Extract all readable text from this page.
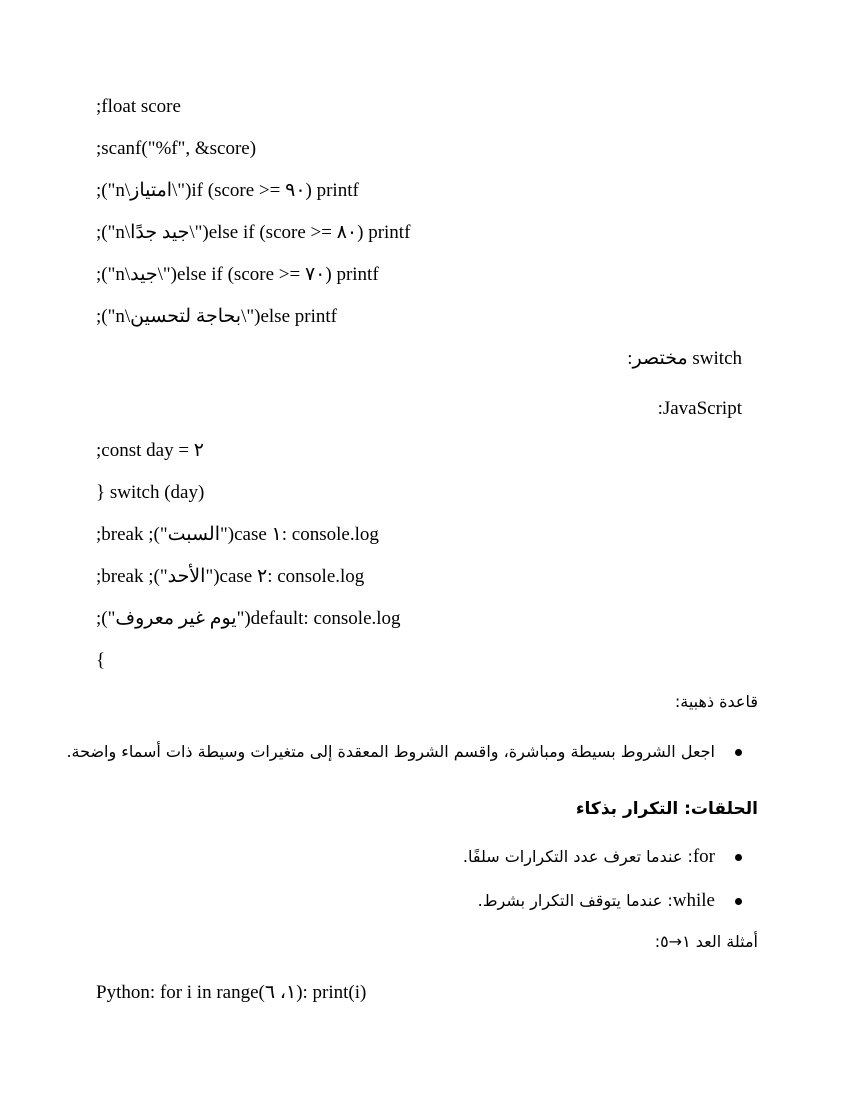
;float score
;scanf("%f", &score)
;("n\امتياز\")if (score >= ٩٠) printf
;("n\جيد جدًا\")else if (score >= ٨٠) printf
;("n\جيد\")else if (score >= ٧٠) printf
;("n\بحاجة لتحسين\")else printf
switch مختصر:
:JavaScript
;const day = ٢
} switch (day)
;break ;("السبت")case ١: console.log
;break ;("الأحد")case ٢: console.log
;("يوم غير معروف")default: console.log
{
قاعدة ذهبية:
اجعل الشروط بسيطة ومباشرة، واقسم الشروط المعقدة إلى متغيرات وسيطة ذات أسماء واضحة.
الحلقات: التكرار بذكاء
for: عندما تعرف عدد التكرارات سلفًا.
while: عندما يتوقف التكرار بشرط.
أمثلة العد ١→٥:
Python: for i in range(١، ٦): print(i)
